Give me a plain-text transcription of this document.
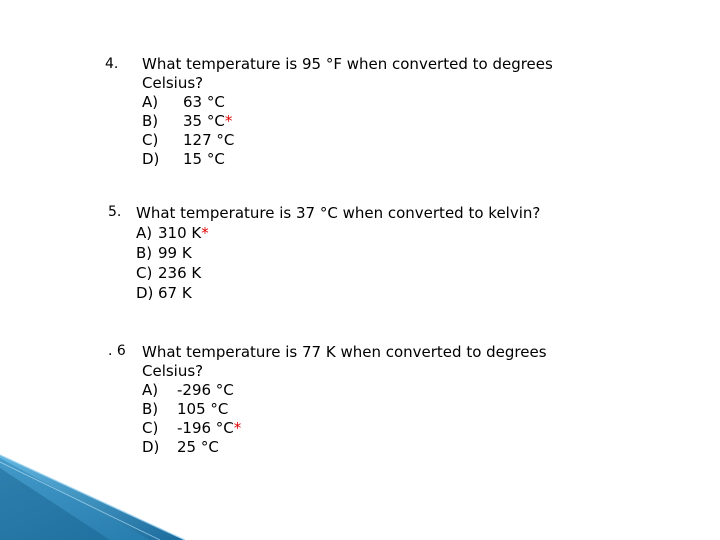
4. What temperature is 95 °F when converted to degrees
Celsius?
A) 63 °C
B) 35 °C*
C) 127 °C
D) 15 °C
5. What temperature is 37 °C when converted to kelvin?
A) 310 K*
B) 99 K
C) 236 K
D) 67 K
. 6 What temperature is 77 K when converted to degrees
Celsius?
A) -296 °C
B) 105 °C
C) -196 °C*
D) 25 °C
